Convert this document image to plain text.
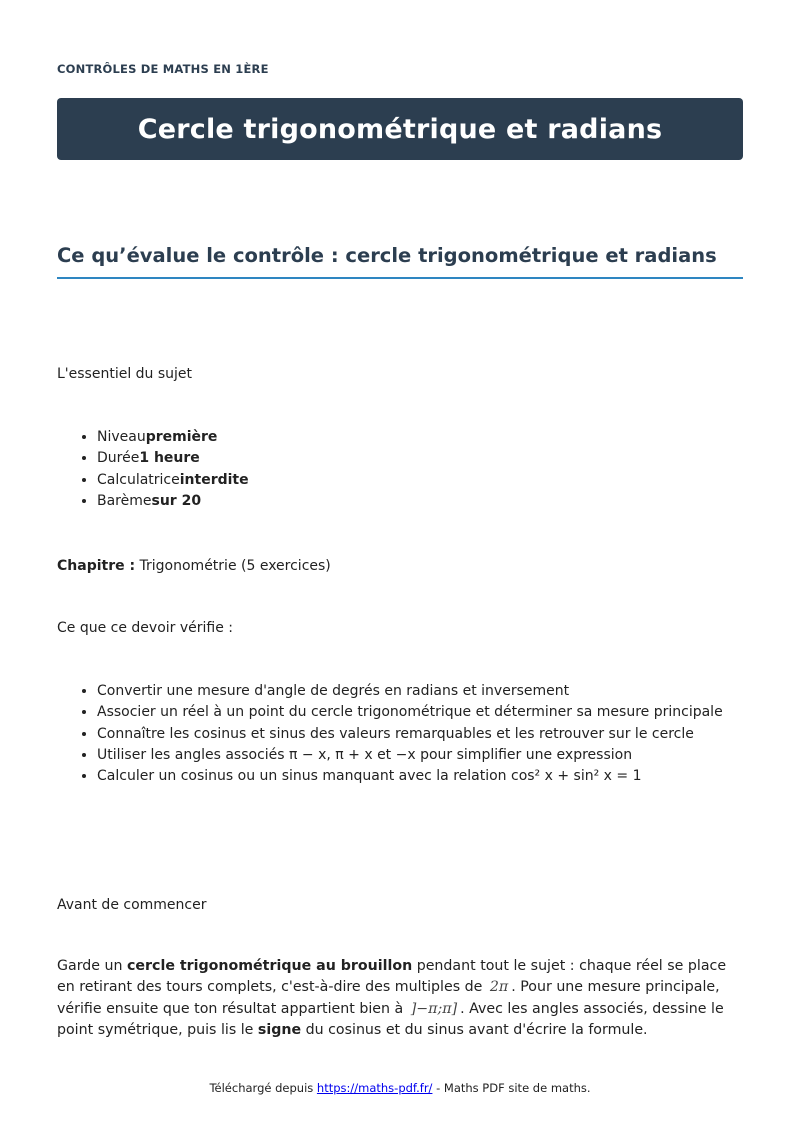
CONTRÔLES DE MATHS EN 1ÈRE
Cercle trigonométrique et radians
Ce qu’évalue le contrôle : cercle trigonométrique et radians

L'essentiel du sujet

• Niveaupremière
• Durée1 heure
• Calculatriceinterdite
• Barèmesur 20

Chapitre : Trigonométrie (5 exercices)

Ce que ce devoir vérifie :

• Convertir une mesure d'angle de degrés en radians et inversement
• Associer un réel à un point du cercle trigonométrique et déterminer sa mesure principale
• Connaître les cosinus et sinus des valeurs remarquables et les retrouver sur le cercle
• Utiliser les angles associés π − x, π + x et −x pour simplifier une expression
• Calculer un cosinus ou un sinus manquant avec la relation cos² x + sin² x = 1

Avant de commencer

Garde un cercle trigonométrique au brouillon pendant tout le sujet : chaque réel se place en retirant des tours complets, c'est-à-dire des multiples de 2π . Pour une mesure principale, vérifie ensuite que ton résultat appartient bien à ]−π;π] . Avec les angles associés, dessine le point symétrique, puis lis le signe du cosinus et du sinus avant d'écrire la formule.

Téléchargé depuis https://maths-pdf.fr/ - Maths PDF site de maths.
